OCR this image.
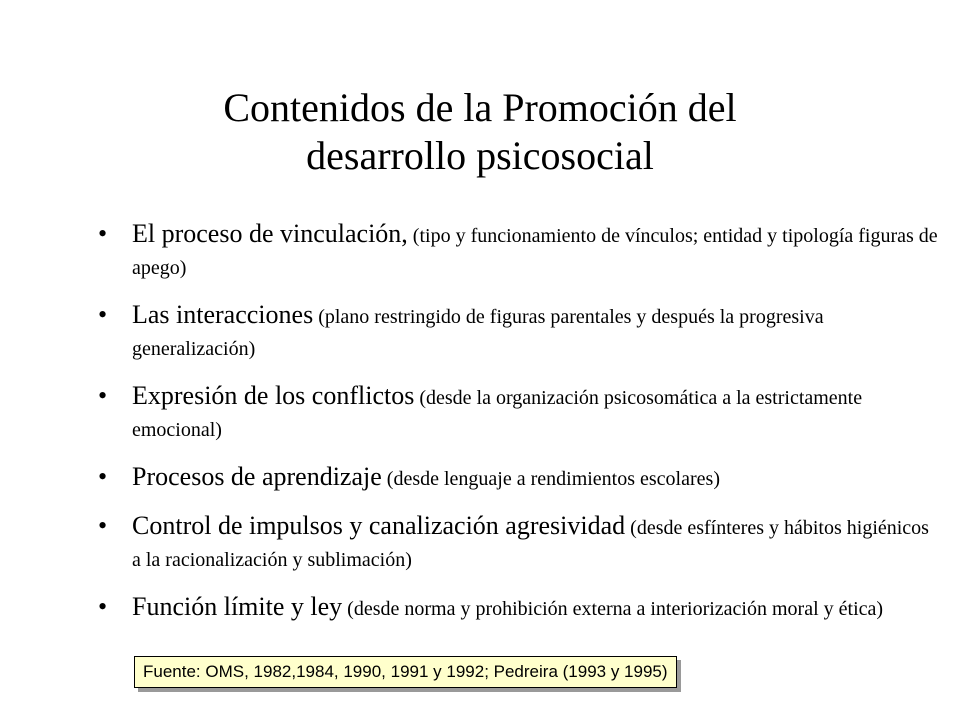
Contenidos de la Promoción del
desarrollo psicosocial
• El proceso de vinculación, (tipo y funcionamiento de vínculos; entidad y tipología figuras de apego)
• Las interacciones (plano restringido de figuras parentales y después la progresiva generalización)
• Expresión de los conflictos (desde la organización psicosomática a la estrictamente emocional)
• Procesos de aprendizaje (desde lenguaje a rendimientos escolares)
• Control de impulsos y canalización agresividad (desde esfínteres y hábitos higiénicos a la racionalización y sublimación)
• Función límite y ley (desde norma y prohibición externa a interiorización moral y ética)
Fuente: OMS, 1982,1984, 1990, 1991 y 1992; Pedreira (1993 y 1995)
